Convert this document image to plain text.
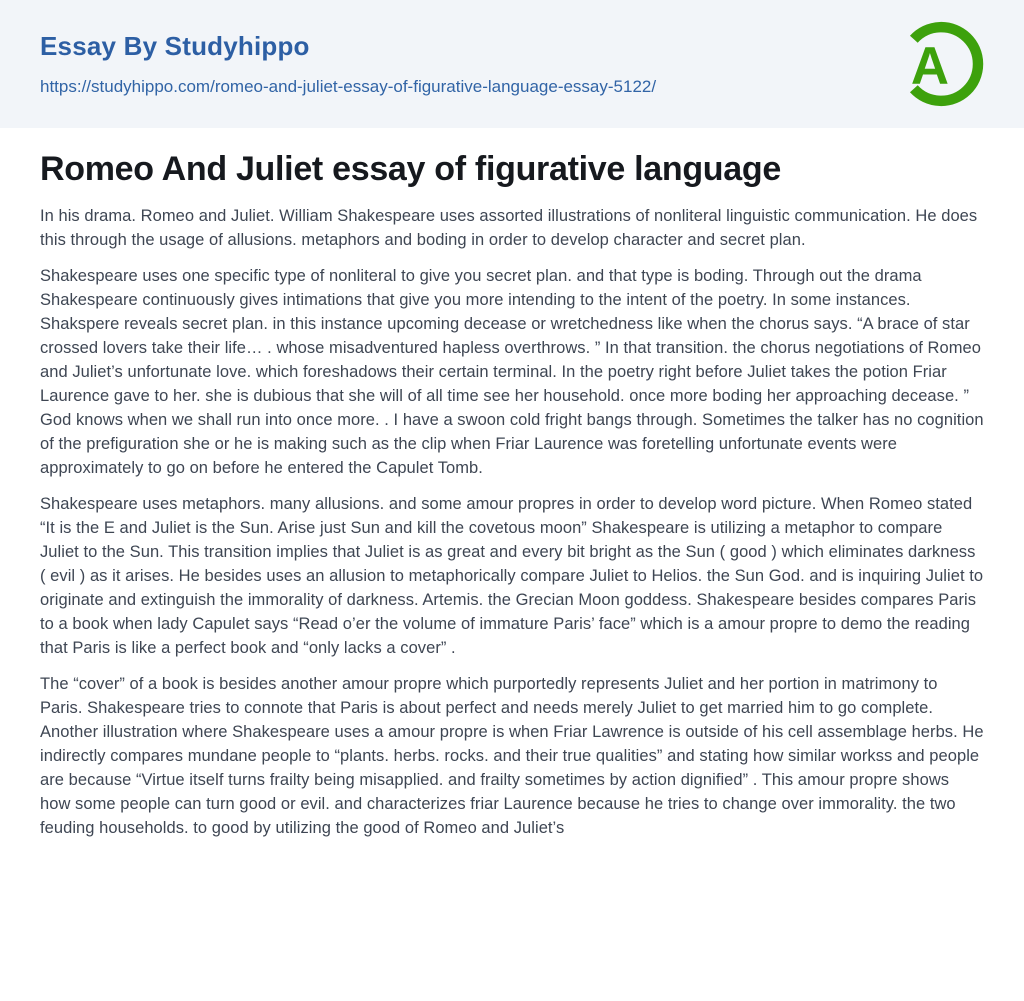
Essay By Studyhippo
https://studyhippo.com/romeo-and-juliet-essay-of-figurative-language-essay-5122/	A
Romeo And Juliet essay of figurative language

In his drama. Romeo and Juliet. William Shakespeare uses assorted illustrations of nonliteral linguistic communication. He does this through the usage of allusions. metaphors and boding in order to develop character and secret plan.

Shakespeare uses one specific type of nonliteral to give you secret plan. and that type is boding. Through out the drama Shakespeare continuously gives intimations that give you more intending to the intent of the poetry. In some instances. Shakspere reveals secret plan. in this instance upcoming decease or wretchedness like when the chorus says. “A brace of star crossed lovers take their life… . whose misadventured hapless overthrows. ” In that transition. the chorus negotiations of Romeo and Juliet’s unfortunate love. which foreshadows their certain terminal. In the poetry right before Juliet takes the potion Friar Laurence gave to her. she is dubious that she will of all time see her household. once more boding her approaching decease. ” God knows when we shall run into once more. . I have a swoon cold fright bangs through. Sometimes the talker has no cognition of the prefiguration she or he is making such as the clip when Friar Laurence was foretelling unfortunate events were approximately to go on before he entered the Capulet Tomb.

Shakespeare uses metaphors. many allusions. and some amour propres in order to develop word picture. When Romeo stated “It is the E and Juliet is the Sun. Arise just Sun and kill the covetous moon” Shakespeare is utilizing a metaphor to compare Juliet to the Sun. This transition implies that Juliet is as great and every bit bright as the Sun ( good ) which eliminates darkness ( evil ) as it arises. He besides uses an allusion to metaphorically compare Juliet to Helios. the Sun God. and is inquiring Juliet to originate and extinguish the immorality of darkness. Artemis. the Grecian Moon goddess. Shakespeare besides compares Paris to a book when lady Capulet says “Read o’er the volume of immature Paris’ face” which is a amour propre to demo the reading that Paris is like a perfect book and “only lacks a cover” .

The “cover” of a book is besides another amour propre which purportedly represents Juliet and her portion in matrimony to Paris. Shakespeare tries to connote that Paris is about perfect and needs merely Juliet to get married him to go complete. Another illustration where Shakespeare uses a amour propre is when Friar Lawrence is outside of his cell assemblage herbs. He indirectly compares mundane people to “plants. herbs. rocks. and their true qualities” and stating how similar workss and people are because “Virtue itself turns frailty being misapplied. and frailty sometimes by action dignified” . This amour propre shows how some people can turn good or evil. and characterizes friar Laurence because he tries to change over immorality. the two feuding households. to good by utilizing the good of Romeo and Juliet’s
